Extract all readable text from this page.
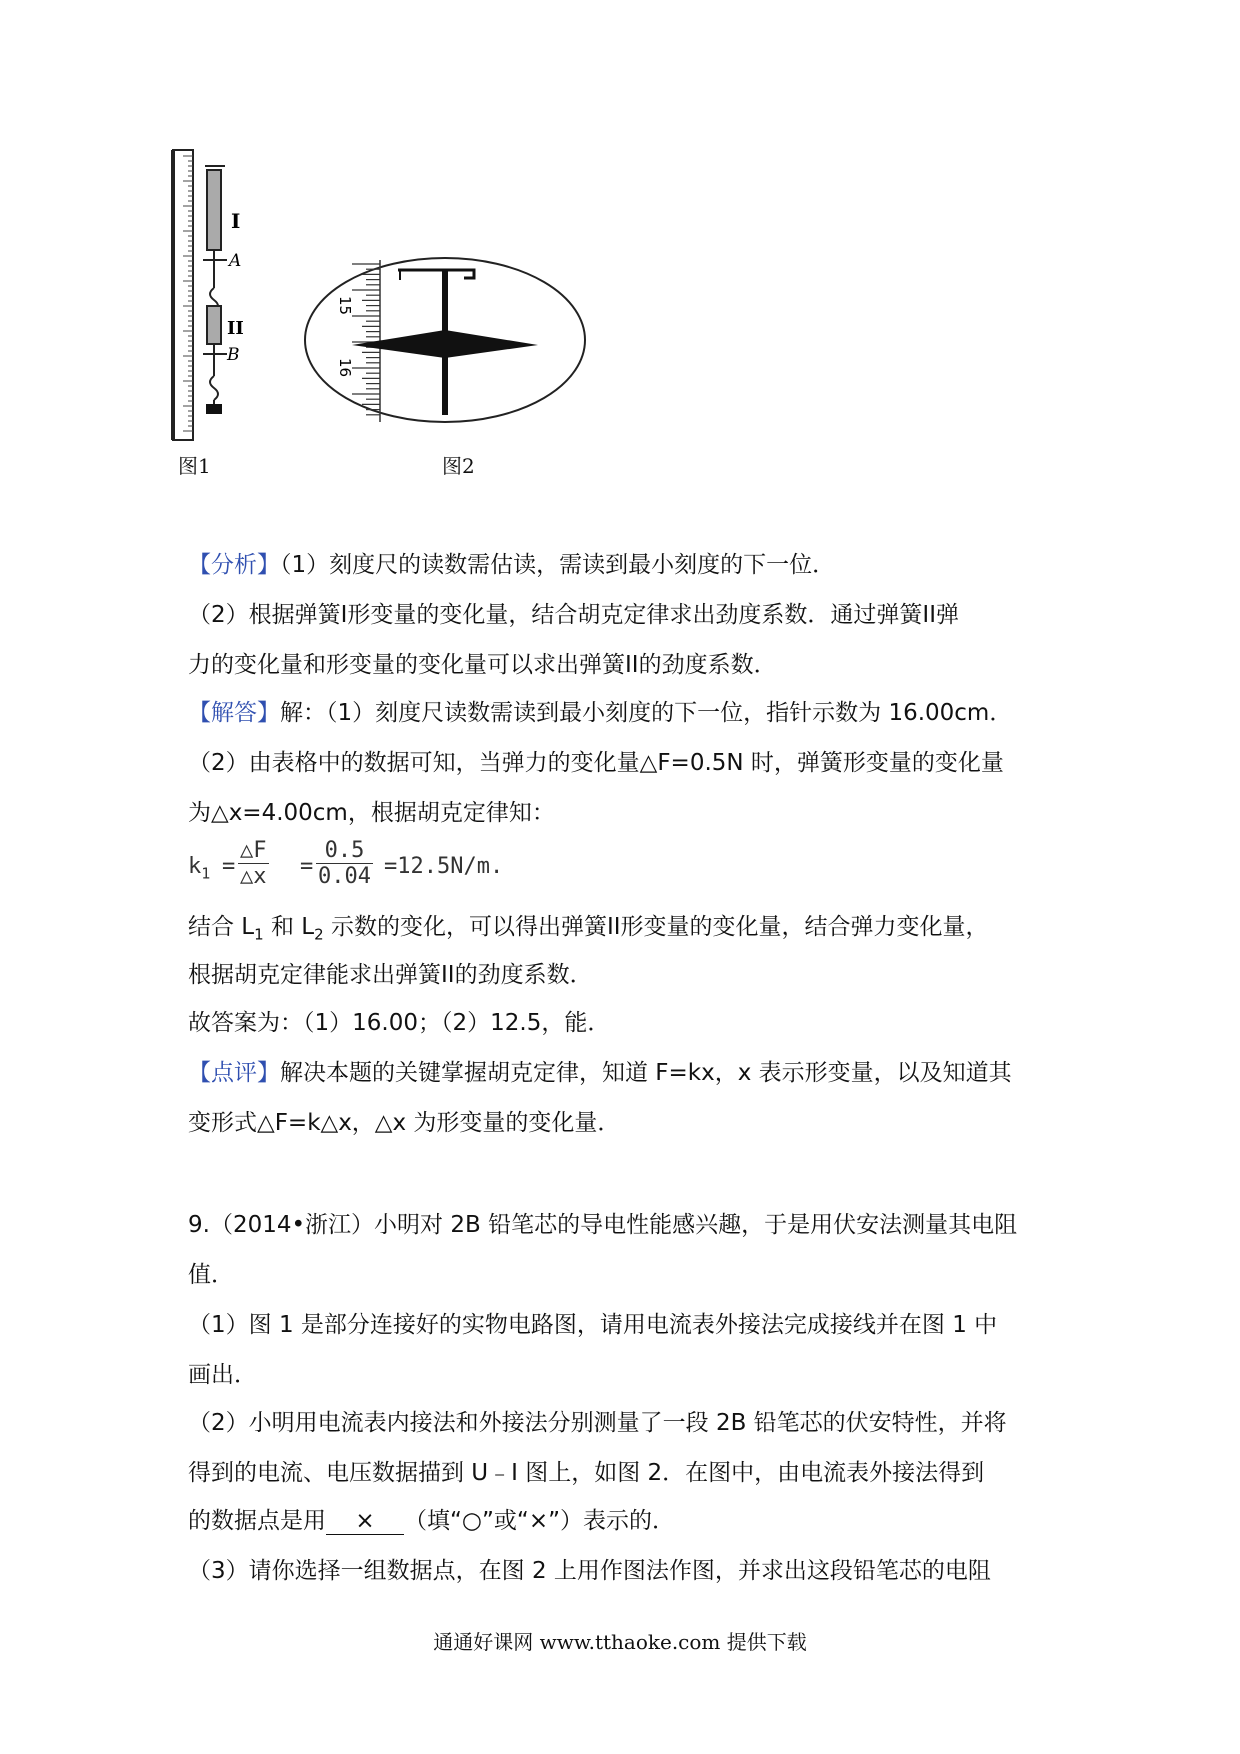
I
A
II
B
图1
15
16
图2
【分析】（1）刻度尺的读数需估读，需读到最小刻度的下一位．
（2）根据弹簧Ⅰ形变量的变化量，结合胡克定律求出劲度系数．通过弹簧II弹
力的变化量和形变量的变化量可以求出弹簧II的劲度系数．
【解答】解：（1）刻度尺读数需读到最小刻度的下一位，指针示数为 16.00cm．
（2）由表格中的数据可知，当弹力的变化量△F=0.5N 时，弹簧形变量的变化量
为△x=4.00cm，根据胡克定律知：
$k_1 = \frac{\triangle F}{\triangle x} = \frac{0.5}{0.04} =12.5N/m$.
结合 $L_1$ 和 $L_2$ 示数的变化，可以得出弹簧II形变量的变化量，结合弹力变化量，
根据胡克定律能求出弹簧II的劲度系数．
故答案为：（1）16.00；（2）12.5，能．
【点评】解决本题的关键掌握胡克定律，知道 F=kx，x 表示形变量，以及知道其
变形式△F=k△x，△x 为形变量的变化量．
9.（2014•浙江）小明对 2B 铅笔芯的导电性能感兴趣，于是用伏安法测量其电阻
值．
（1）图 1 是部分连接好的实物电路图，请用电流表外接法完成接线并在图 1 中
画出．
（2）小明用电流表内接法和外接法分别测量了一段 2B 铅笔芯的伏安特性，并将
得到的电流、电压数据描到 U﹣I 图上，如图 2．在图中，由电流表外接法得到
的数据点是用 × （填“○”或“×”）表示的．
（3）请你选择一组数据点，在图 2 上用作图法作图，并求出这段铅笔芯的电阻
通通好课网 www.tthaoke.com 提供下载
